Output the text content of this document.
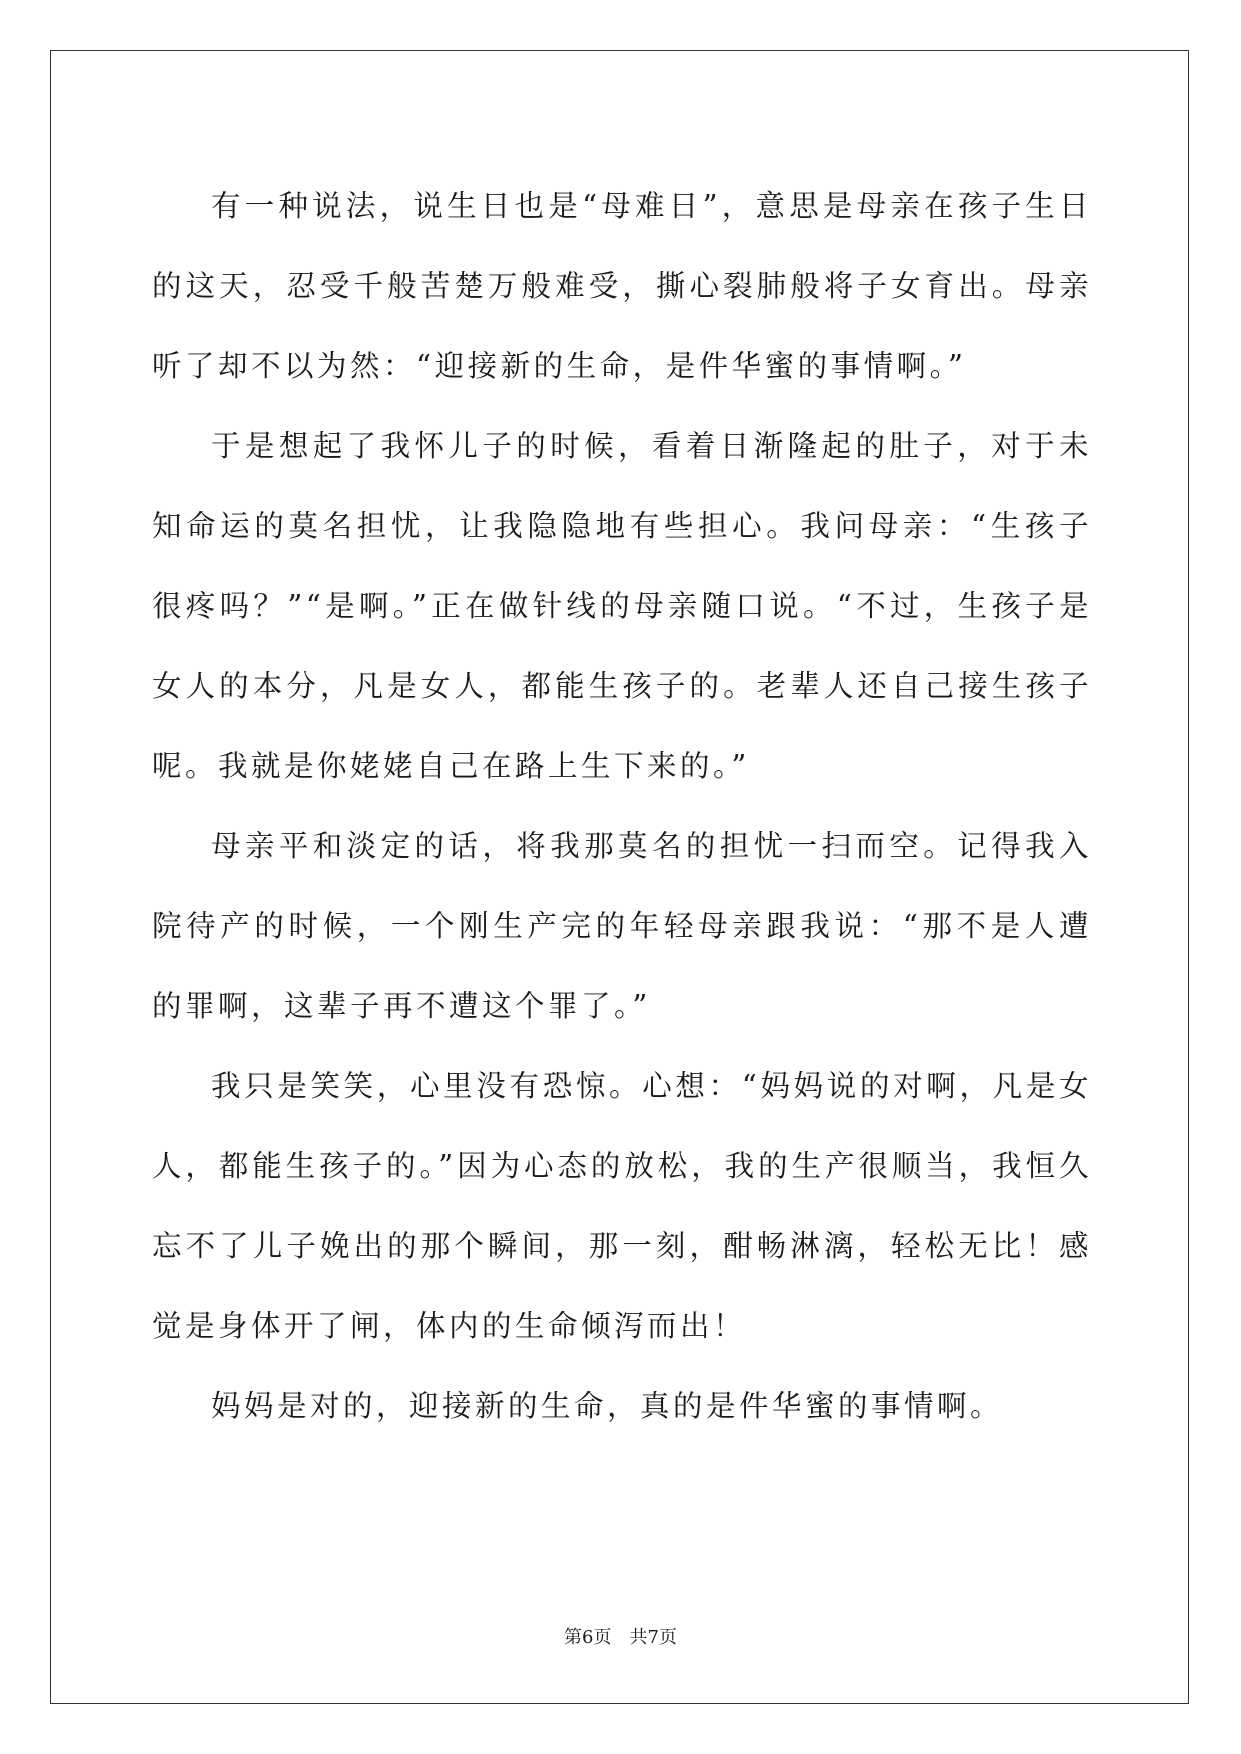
有一种说法，说生日也是“母难日”，意思是母亲在孩子生日的这天，忍受千般苦楚万般难受，撕心裂肺般将子女育出。母亲听了却不以为然：“迎接新的生命，是件华蜜的事情啊。”

于是想起了我怀儿子的时候，看着日渐隆起的肚子，对于未知命运的莫名担忧，让我隐隐地有些担心。我问母亲：“生孩子很疼吗？”“是啊。”正在做针线的母亲随口说。“不过，生孩子是女人的本分，凡是女人，都能生孩子的。老辈人还自己接生孩子呢。我就是你姥姥自己在路上生下来的。”

母亲平和淡定的话，将我那莫名的担忧一扫而空。记得我入院待产的时候，一个刚生产完的年轻母亲跟我说：“那不是人遭的罪啊，这辈子再不遭这个罪了。”

我只是笑笑，心里没有恐惊。心想：“妈妈说的对啊，凡是女人，都能生孩子的。”因为心态的放松，我的生产很顺当，我恒久忘不了儿子娩出的那个瞬间，那一刻，酣畅淋漓，轻松无比！感觉是身体开了闸，体内的生命倾泻而出！

妈妈是对的，迎接新的生命，真的是件华蜜的事情啊。

第6页 共7页
